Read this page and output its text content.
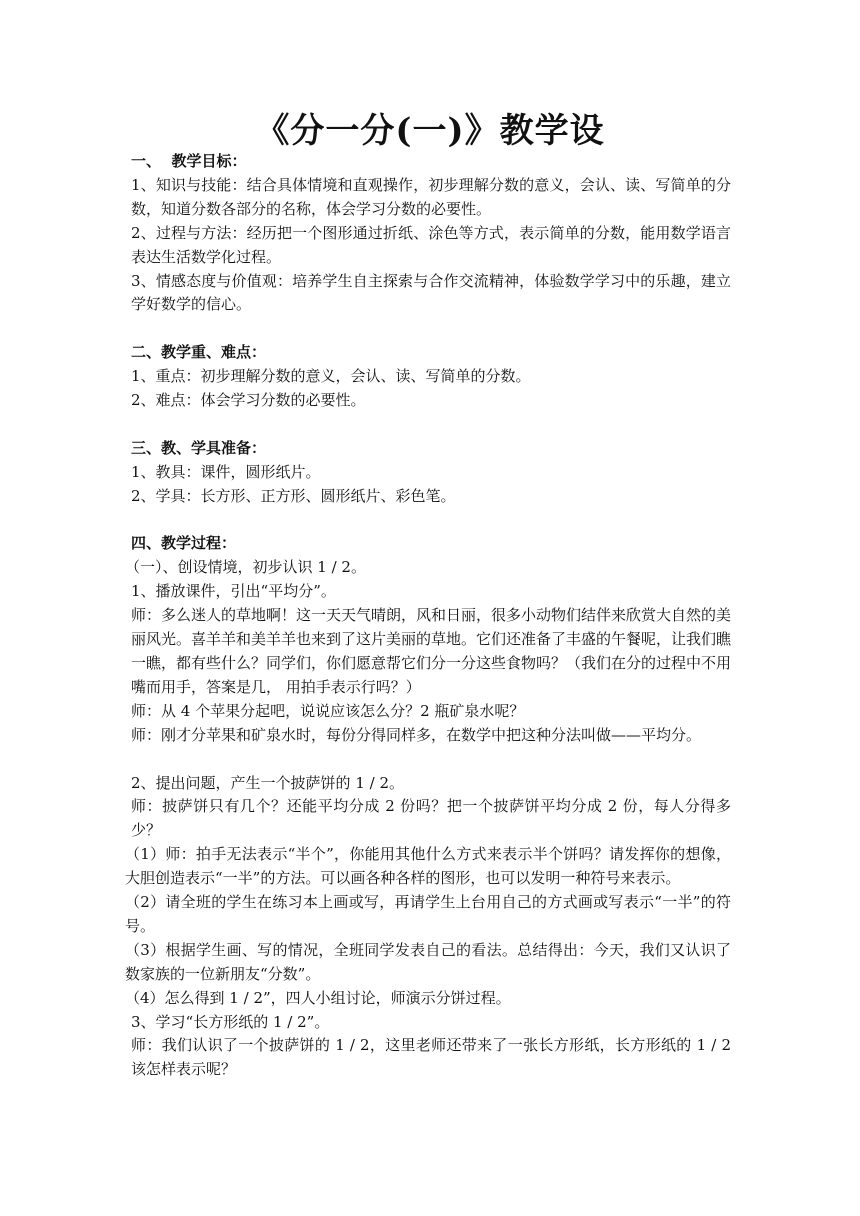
《分一分(一)》教学设

一、  教学目标：

1、知识与技能：结合具体情境和直观操作，初步理解分数的意义，会认、读、写简单的分数，知道分数各部分的名称，体会学习分数的必要性。

2、过程与方法：经历把一个图形通过折纸、涂色等方式，表示简单的分数，能用数学语言表达生活数学化过程。

3、情感态度与价值观：培养学生自主探索与合作交流精神，体验数学学习中的乐趣，建立学好数学的信心。

二、教学重、难点：

1、重点：初步理解分数的意义，会认、读、写简单的分数。

2、难点：体会学习分数的必要性。

三、教、学具准备：

1、教具：课件，圆形纸片。

2、学具：长方形、正方形、圆形纸片、彩色笔。

四、教学过程：

（一）、创设情境，初步认识 1 / 2。

1、播放课件，引出“平均分”。

师：多么迷人的草地啊！这一天天气晴朗，风和日丽，很多小动物们结伴来欣赏大自然的美丽风光。喜羊羊和美羊羊也来到了这片美丽的草地。它们还准备了丰盛的午餐呢，让我们瞧一瞧，都有些什么？同学们，你们愿意帮它们分一分这些食物吗？（我们在分的过程中不用嘴而用手，答案是几， 用拍手表示行吗？）

师：从 4 个苹果分起吧，说说应该怎么分？2 瓶矿泉水呢？

师：刚才分苹果和矿泉水时，每份分得同样多，在数学中把这种分法叫做——平均分。

2、提出问题，产生一个披萨饼的 1 / 2。

师：披萨饼只有几个？还能平均分成 2 份吗？把一个披萨饼平均分成 2 份，每人分得多少？

（1）师：拍手无法表示“半个”，你能用其他什么方式来表示半个饼吗？请发挥你的想像，大胆创造表示“一半”的方法。可以画各种各样的图形，也可以发明一种符号来表示。

（2）请全班的学生在练习本上画或写，再请学生上台用自己的方式画或写表示“一半”的符号。

（3）根据学生画、写的情况，全班同学发表自己的看法。总结得出：今天，我们又认识了数家族的一位新朋友“分数”。

（4）怎么得到 1 / 2”，四人小组讨论，师演示分饼过程。

3、学习“长方形纸的 1 / 2”。

师：我们认识了一个披萨饼的 1 / 2，这里老师还带来了一张长方形纸，长方形纸的 1 / 2 该怎样表示呢？
